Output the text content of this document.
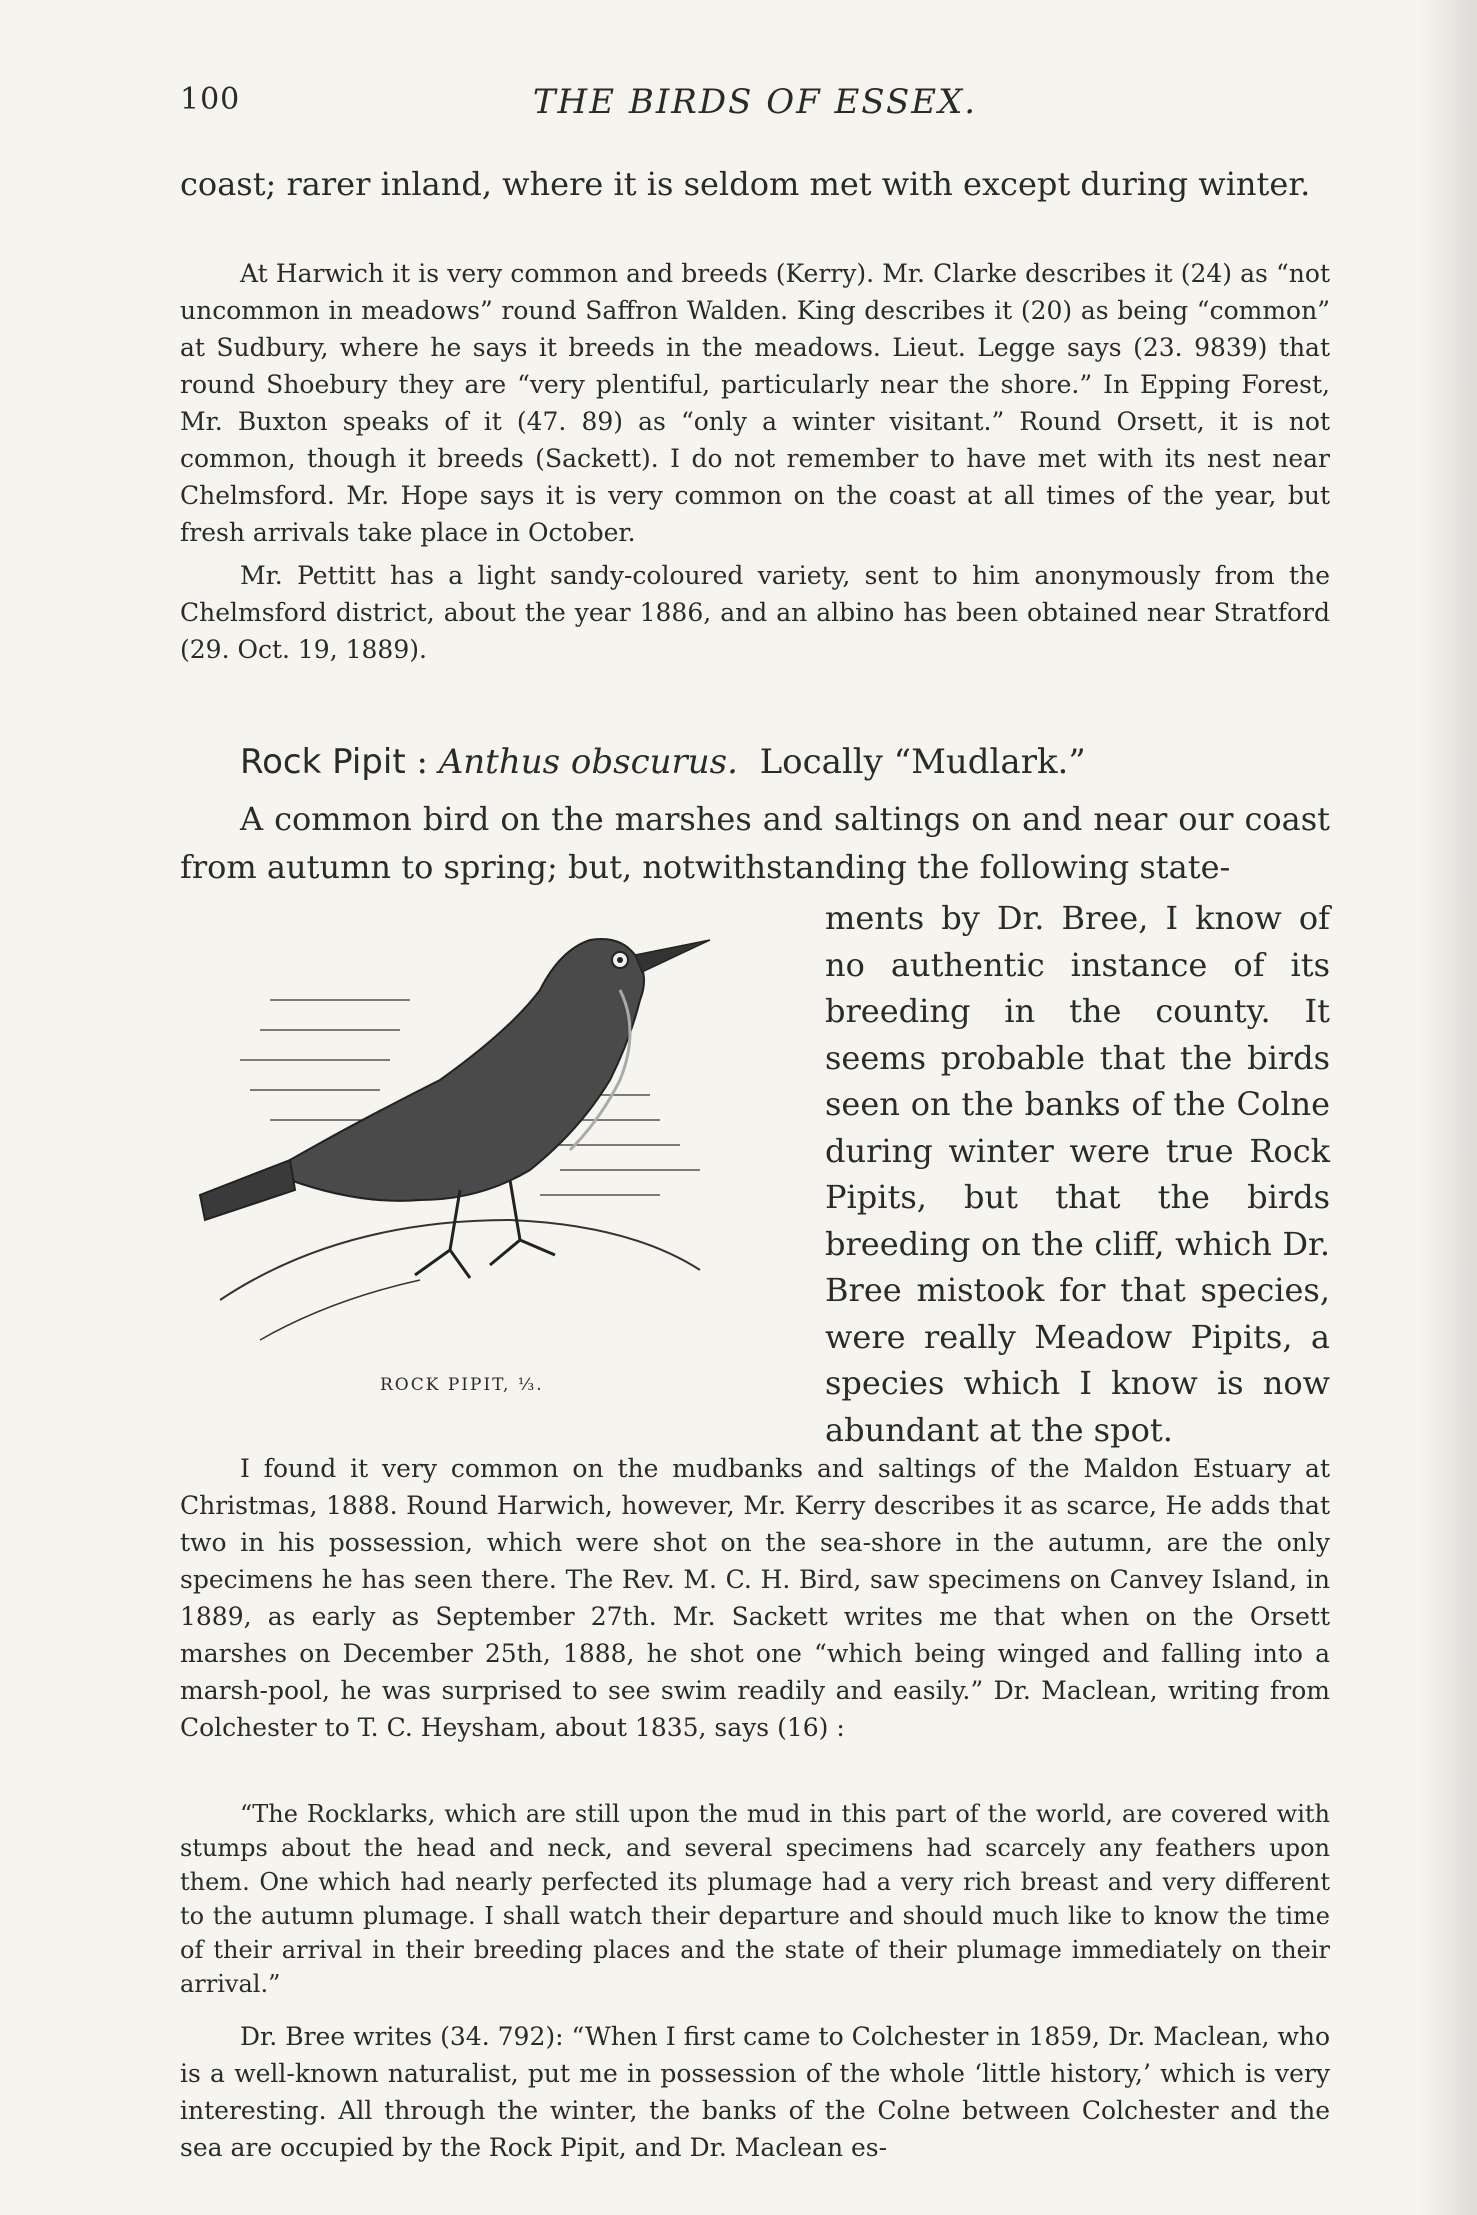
100	THE BIRDS OF ESSEX.

coast; rarer inland, where it is seldom met with except during winter.

At Harwich it is very common and breeds (Kerry). Mr. Clarke describes it (24) as “not uncommon in meadows” round Saffron Walden. King describes it (20) as being “common” at Sudbury, where he says it breeds in the meadows. Lieut. Legge says (23. 9839) that round Shoebury they are “very plentiful, particularly near the shore.” In Epping Forest, Mr. Buxton speaks of it (47. 89) as “only a winter visitant.” Round Orsett, it is not common, though it breeds (Sackett). I do not remember to have met with its nest near Chelmsford. Mr. Hope says it is very common on the coast at all times of the year, but fresh arrivals take place in October.

Mr. Pettitt has a light sandy-coloured variety, sent to him anonymously from the Chelmsford district, about the year 1886, and an albino has been obtained near Stratford (29. Oct. 19, 1889).

Rock Pipit : Anthus obscurus. Locally “Mudlark.”

A common bird on the marshes and saltings on and near our coast from autumn to spring; but, notwithstanding the following state-

ROCK PIPIT, ⅓.

ments by Dr. Bree, I know of no authentic instance of its breeding in the county. It seems probable that the birds seen on the banks of the Colne during winter were true Rock Pipits, but that the birds breeding on the cliff, which Dr. Bree mistook for that species, were really Meadow Pipits, a species which I know is now abundant at the spot.

I found it very common on the mudbanks and saltings of the Maldon Estuary at Christmas, 1888. Round Harwich, however, Mr. Kerry describes it as scarce, He adds that two in his possession, which were shot on the sea-shore in the autumn, are the only specimens he has seen there. The Rev. M. C. H. Bird, saw specimens on Canvey Island, in 1889, as early as September 27th. Mr. Sackett writes me that when on the Orsett marshes on December 25th, 1888, he shot one “which being winged and falling into a marsh-pool, he was surprised to see swim readily and easily.” Dr. Maclean, writing from Colchester to T. C. Heysham, about 1835, says (16) :

“The Rocklarks, which are still upon the mud in this part of the world, are covered with stumps about the head and neck, and several specimens had scarcely any feathers upon them. One which had nearly perfected its plumage had a very rich breast and very different to the autumn plumage. I shall watch their departure and should much like to know the time of their arrival in their breeding places and the state of their plumage immediately on their arrival.”

Dr. Bree writes (34. 792): “When I first came to Colchester in 1859, Dr. Maclean, who is a well-known naturalist, put me in possession of the whole ‘little history,’ which is very interesting. All through the winter, the banks of the Colne between Colchester and the sea are occupied by the Rock Pipit, and Dr. Maclean es-
